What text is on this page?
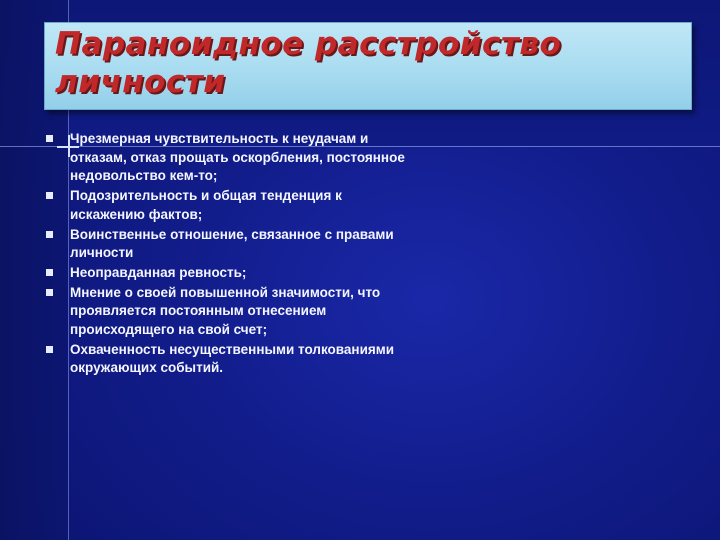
Параноидное расстройство личности
Чрезмерная чувствительность к неудачам и отказам, отказ прощать оскорбления, постоянное недовольство кем-то;
Подозрительность и общая тенденция к искажению фактов;
Воинственнье отношение, связанное с правами личности
Неоправданная ревность;
Мнение о своей повышенной значимости, что проявляется постоянным отнесением происходящего на свой счет;
Охваченность несущественными толкованиями окружающих событий.
